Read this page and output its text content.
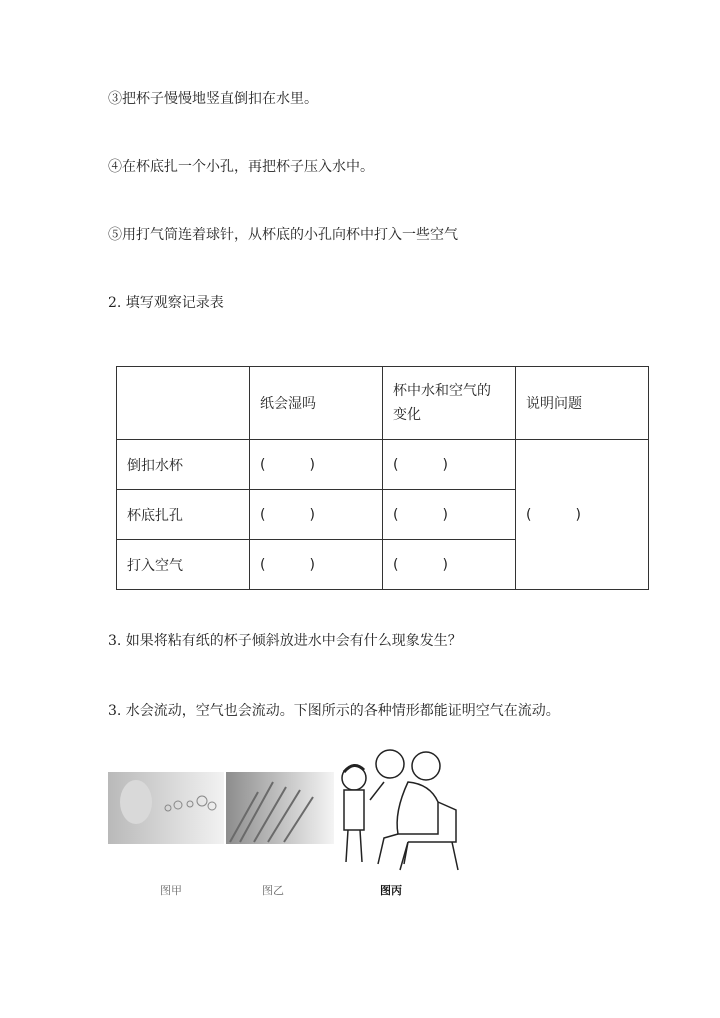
③把杯子慢慢地竖直倒扣在水里。
④在杯底扎一个小孔，再把杯子压入水中。
⑤用打气筒连着球针，从杯底的小孔向杯中打入一些空气
2. 填写观察记录表
	纸会湿吗	杯中水和空气的
变化	说明问题
倒扣水杯	( )	( )	( )
杯底扎孔	( )	( )	
打入空气	( )	( )	
3. 如果将粘有纸的杯子倾斜放进水中会有什么现象发生？
3. 水会流动，空气也会流动。下图所示的各种情形都能证明空气在流动。
图甲	图乙	图丙
